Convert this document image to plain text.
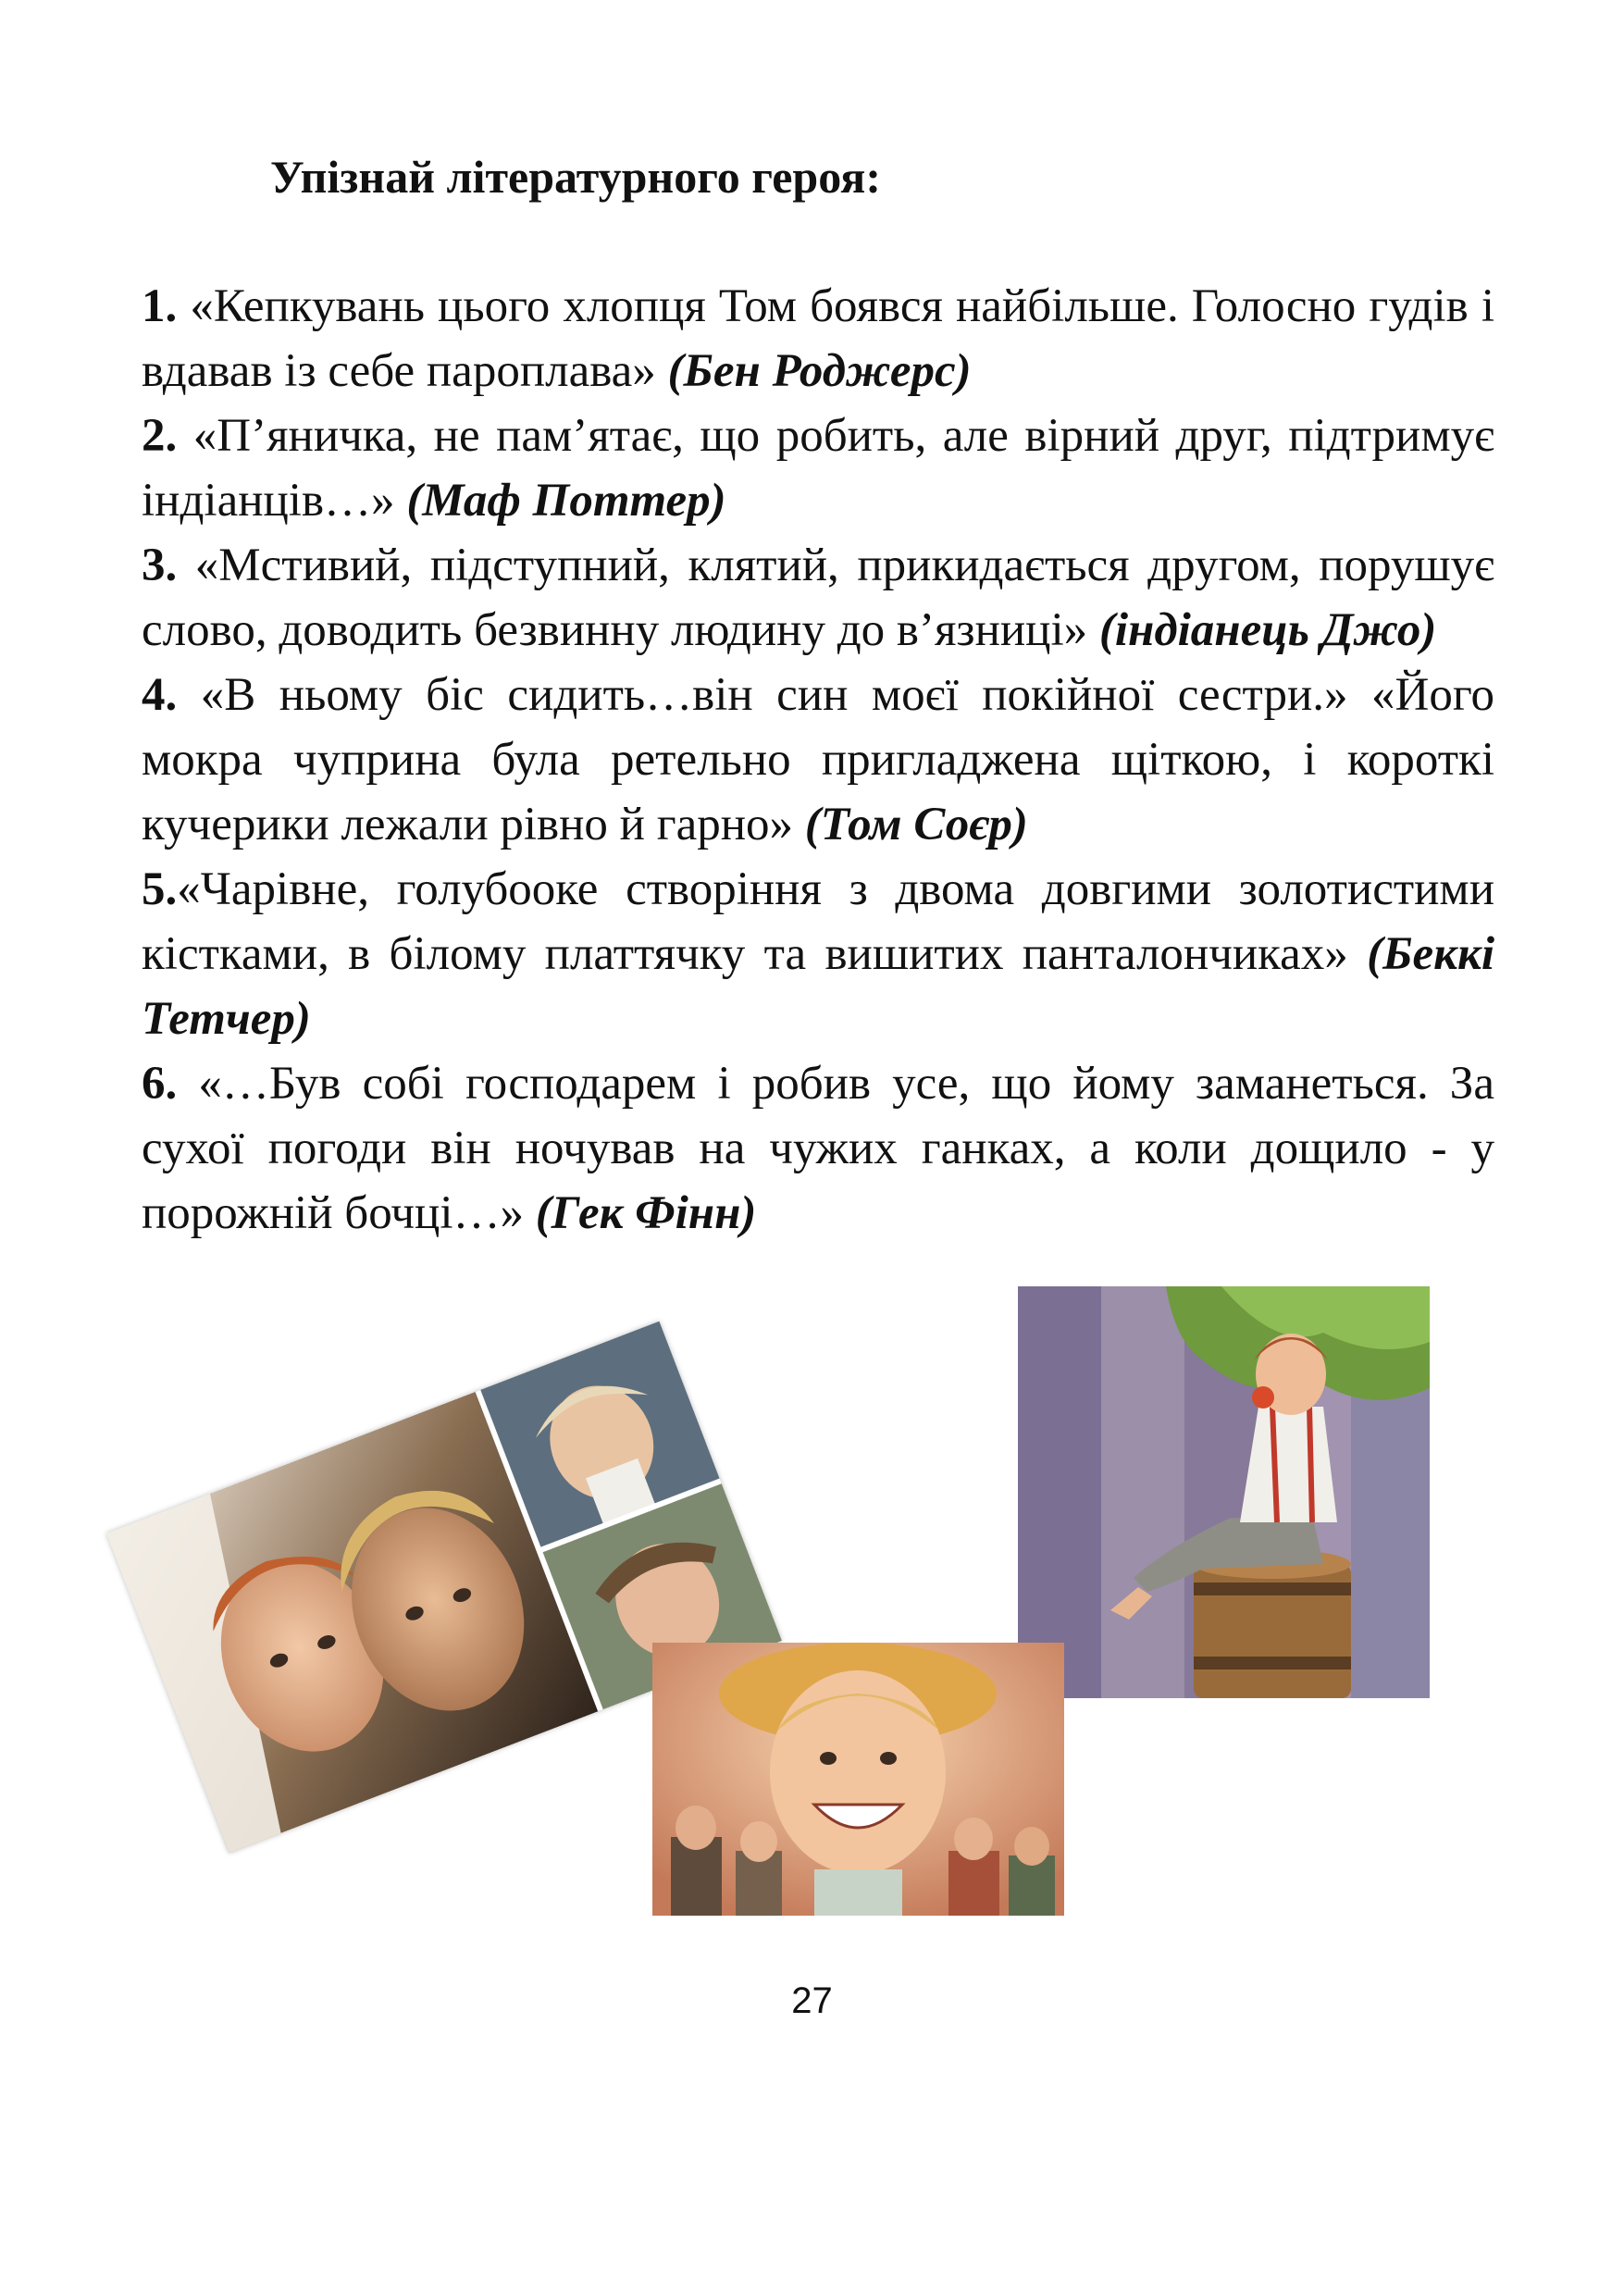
Упізнай літературного героя:

1. «Кепкувань цього хлопця Том боявся найбільше. Голосно гудів і вдавав із себе пароплава» (Бен Роджерс)

2. «П’яничка, не пам’ятає, що робить, але вірний друг, підтримує індіанців…» (Маф Поттер)

3. «Мстивий, підступний, клятий, прикидається другом, порушує слово, доводить безвинну людину до в’язниці» (індіанець Джо)

4. «В ньому біс сидить…він син моєї покійної сестри.» «Його мокра чуприна була ретельно пригладжена щіткою, і короткі кучерики лежали рівно й гарно» (Том Соєр)

5.«Чарівне, голубооке створіння з двома довгими золотистими кістками, в білому платтячку та вишитих панталончиках» (Беккі Тетчер)

6. «…Був собі господарем і робив усе, що йому заманеться. За сухої погоди він ночував на чужих ганках, а коли дощило - у порожній бочці…» (Гек Фінн)

27
